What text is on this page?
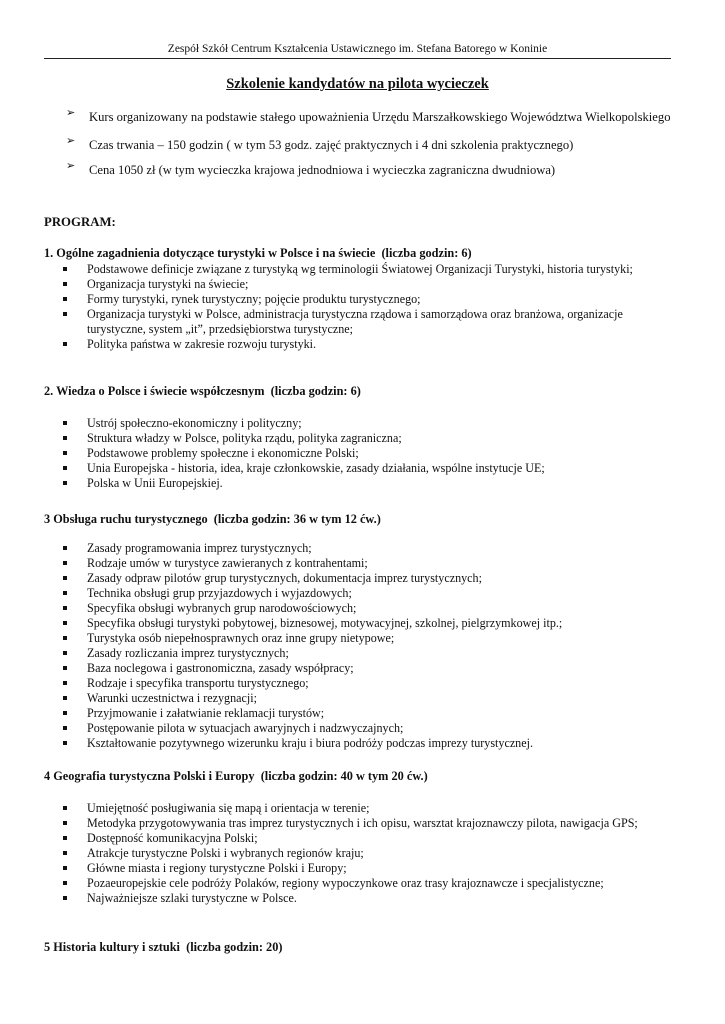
Zespół Szkół Centrum Kształcenia Ustawicznego im. Stefana Batorego w Koninie
Szkolenie kandydatów na pilota wycieczek
➢ Kurs organizowany na podstawie stałego upoważnienia Urzędu Marszałkowskiego Województwa Wielkopolskiego
➢ Czas trwania – 150 godzin ( w tym 53 godz. zajęć praktycznych i 4 dni szkolenia praktycznego)
➢ Cena 1050 zł (w tym wycieczka krajowa jednodniowa i wycieczka zagraniczna dwudniowa)
PROGRAM:
1. Ogólne zagadnienia dotyczące turystyki w Polsce i na świecie (liczba godzin: 6)
Podstawowe definicje związane z turystyką wg terminologii Światowej Organizacji Turystyki, historia turystyki;
Organizacja turystyki na świecie;
Formy turystyki, rynek turystyczny; pojęcie produktu turystycznego;
Organizacja turystyki w Polsce, administracja turystyczna rządowa i samorządowa oraz branżowa, organizacje turystyczne, system „it”, przedsiębiorstwa turystyczne;
Polityka państwa w zakresie rozwoju turystyki.
2. Wiedza o Polsce i świecie współczesnym (liczba godzin: 6)
Ustrój społeczno-ekonomiczny i polityczny;
Struktura władzy w Polsce, polityka rządu, polityka zagraniczna;
Podstawowe problemy społeczne i ekonomiczne Polski;
Unia Europejska - historia, idea, kraje członkowskie, zasady działania, wspólne instytucje UE;
Polska w Unii Europejskiej.
3 Obsługa ruchu turystycznego (liczba godzin: 36 w tym 12 ćw.)
Zasady programowania imprez turystycznych;
Rodzaje umów w turystyce zawieranych z kontrahentami;
Zasady odpraw pilotów grup turystycznych, dokumentacja imprez turystycznych;
Technika obsługi grup przyjazdowych i wyjazdowych;
Specyfika obsługi wybranych grup narodowościowych;
Specyfika obsługi turystyki pobytowej, biznesowej, motywacyjnej, szkolnej, pielgrzymkowej itp.;
Turystyka osób niepełnosprawnych oraz inne grupy nietypowe;
Zasady rozliczania imprez turystycznych;
Baza noclegowa i gastronomiczna, zasady współpracy;
Rodzaje i specyfika transportu turystycznego;
Warunki uczestnictwa i rezygnacji;
Przyjmowanie i załatwianie reklamacji turystów;
Postępowanie pilota w sytuacjach awaryjnych i nadzwyczajnych;
Kształtowanie pozytywnego wizerunku kraju i biura podróży podczas imprezy turystycznej.
4 Geografia turystyczna Polski i Europy (liczba godzin: 40 w tym 20 ćw.)
Umiejętność posługiwania się mapą i orientacja w terenie;
Metodyka przygotowywania tras imprez turystycznych i ich opisu, warsztat krajoznawczy pilota, nawigacja GPS;
Dostępność komunikacyjna Polski;
Atrakcje turystyczne Polski i wybranych regionów kraju;
Główne miasta i regiony turystyczne Polski i Europy;
Pozaeuropejskie cele podróży Polaków, regiony wypoczynkowe oraz trasy krajoznawcze i specjalistyczne;
Najważniejsze szlaki turystyczne w Polsce.
5 Historia kultury i sztuki (liczba godzin: 20)
